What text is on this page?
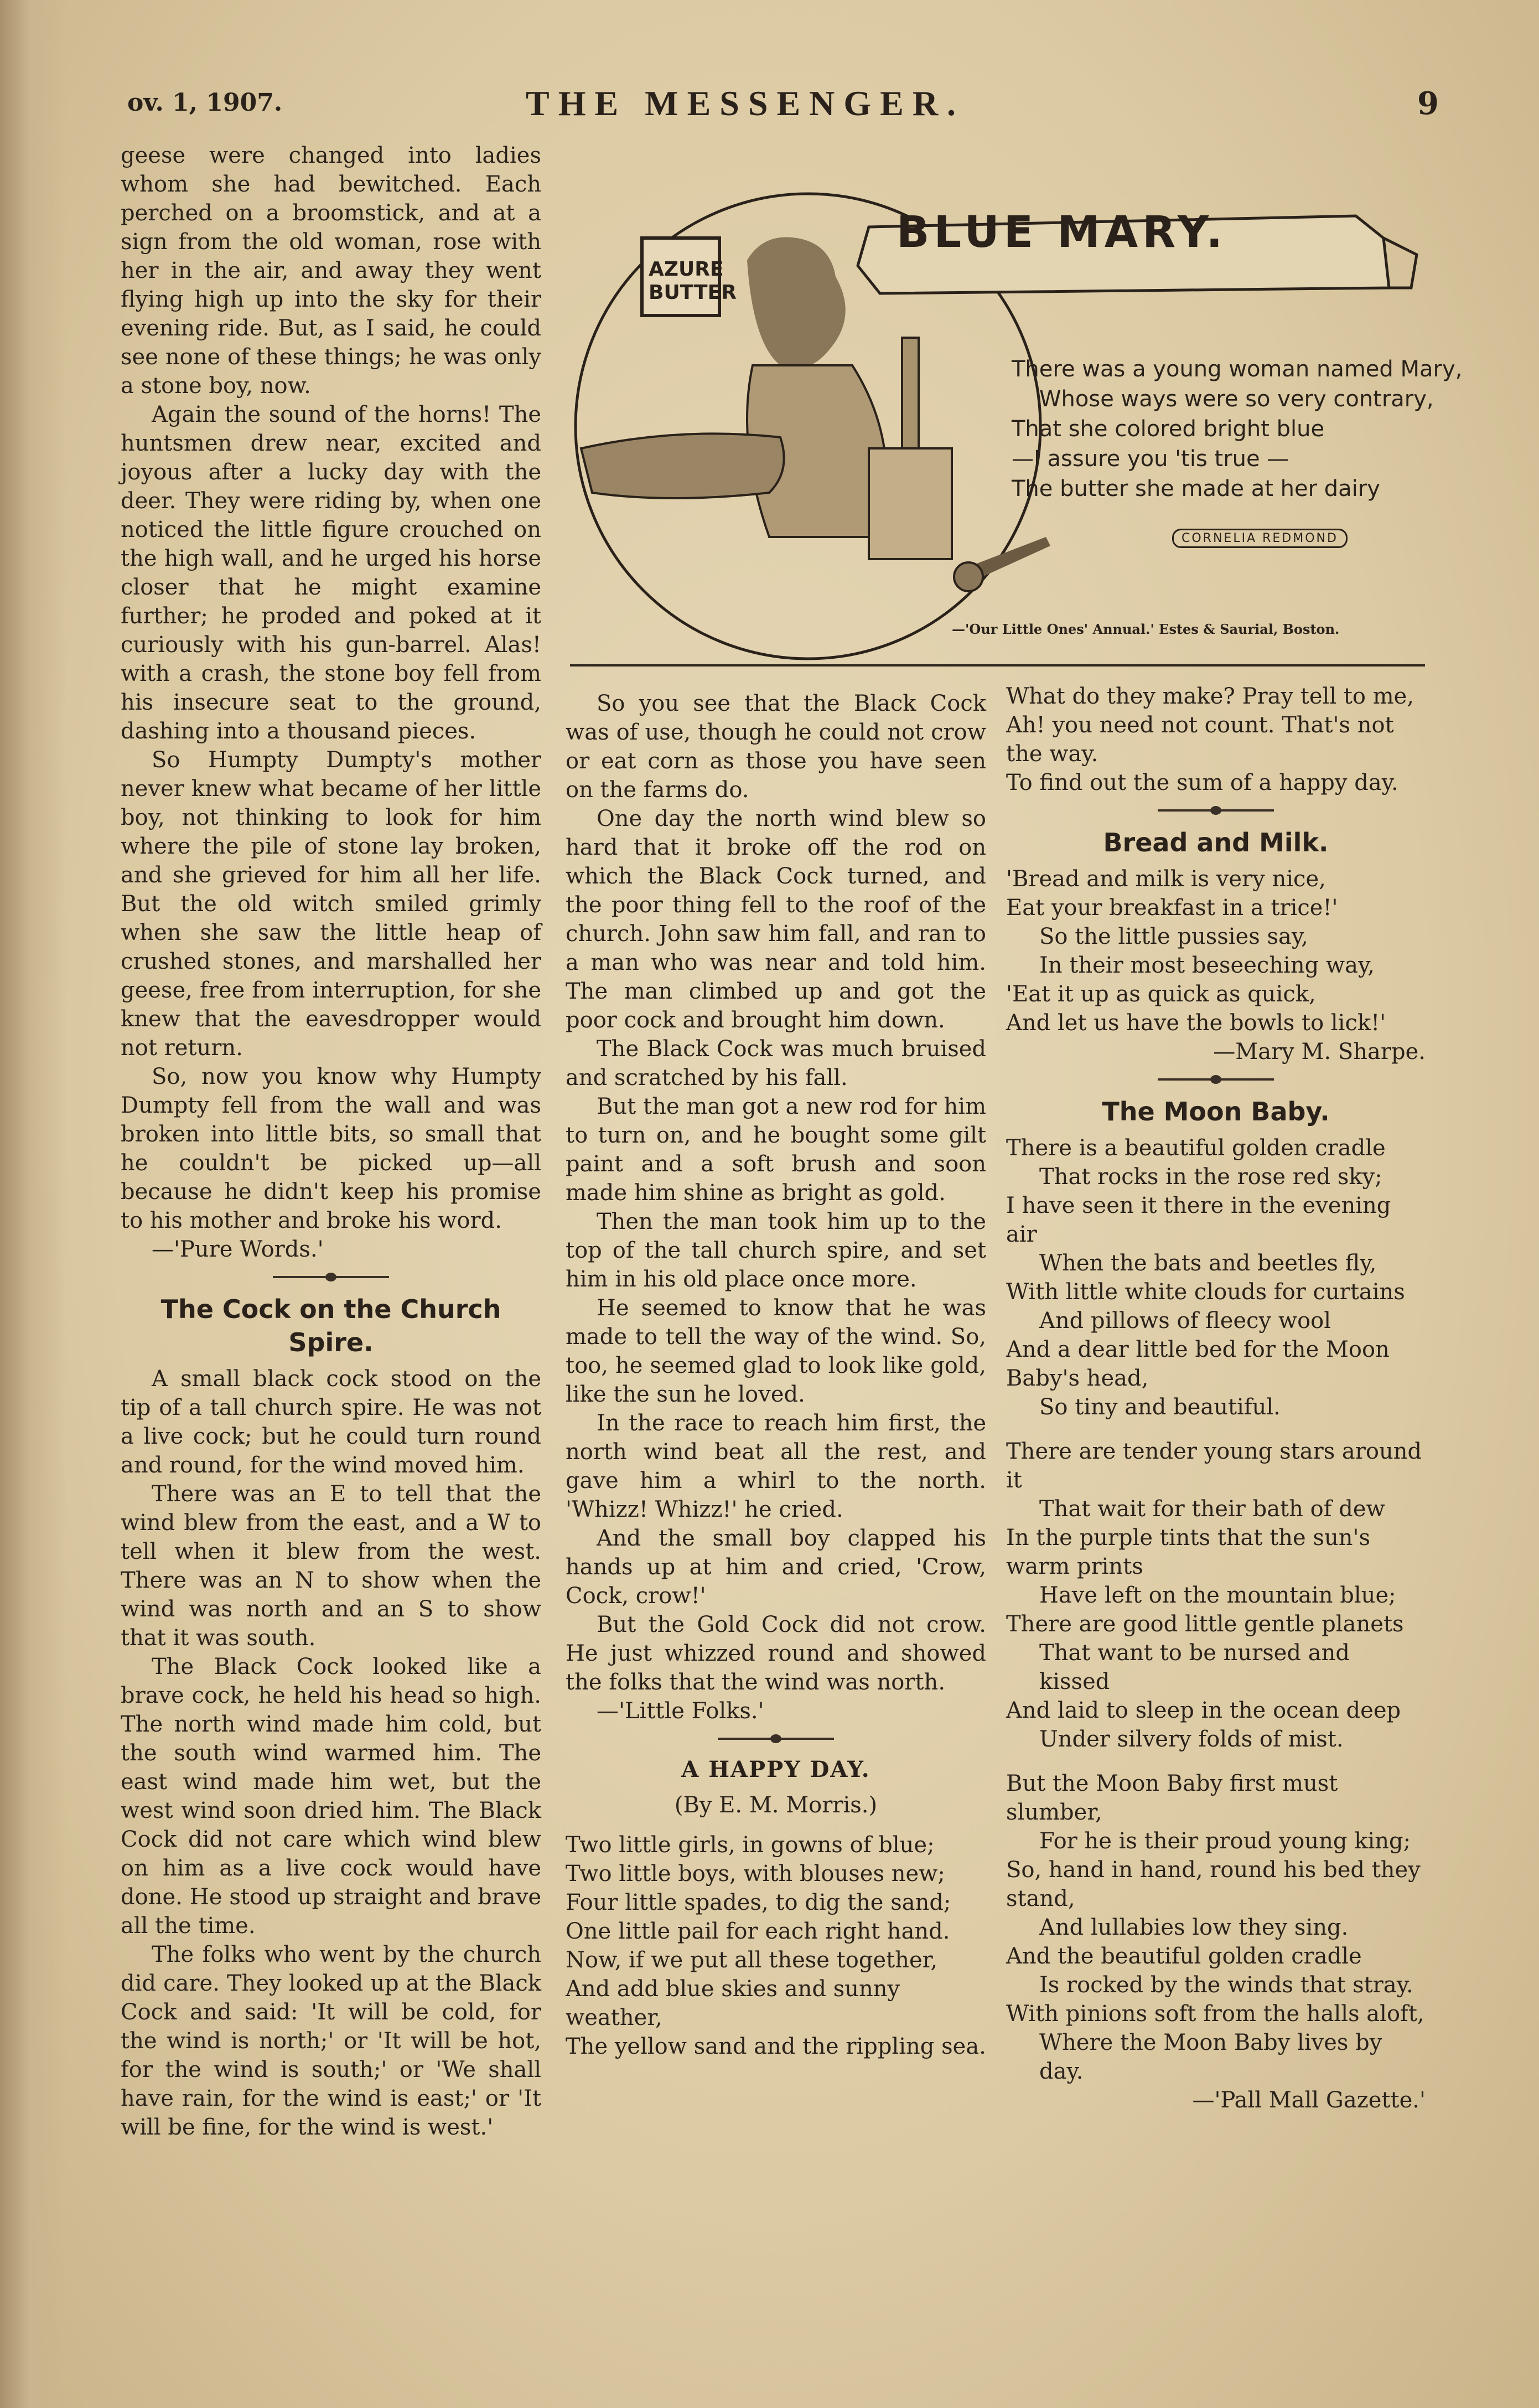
ov. 1, 1907.	THE MESSENGER.	9

geese were changed into ladies whom she had bewitched. Each perched on a broomstick, and at a sign from the old woman, rose with her in the air, and away they went flying high up into the sky for their evening ride. But, as I said, he could see none of these things; he was only a stone boy, now.

Again the sound of the horns! The huntsmen drew near, excited and joyous after a lucky day with the deer. They were riding by, when one noticed the little figure crouched on the high wall, and he urged his horse closer that he might examine further; he proded and poked at it curiously with his gun-barrel. Alas! with a crash, the stone boy fell from his insecure seat to the ground, dashing into a thousand pieces.

So Humpty Dumpty's mother never knew what became of her little boy, not thinking to look for him where the pile of stone lay broken, and she grieved for him all her life. But the old witch smiled grimly when she saw the little heap of crushed stones, and marshalled her geese, free from interruption, for she knew that the eavesdropper would not return.

So, now you know why Humpty Dumpty fell from the wall and was broken into little bits, so small that he couldn't be picked up—all because he didn't keep his promise to his mother and broke his word.

—'Pure Words.'

The Cock on the Church Spire.

A small black cock stood on the tip of a tall church spire. He was not a live cock; but he could turn round and round, for the wind moved him.

There was an E to tell that the wind blew from the east, and a W to tell when it blew from the west. There was an N to show when the wind was north and an S to show that it was south.

The Black Cock looked like a brave cock, he held his head so high. The north wind made him cold, but the south wind warmed him. The east wind made him wet, but the west wind soon dried him. The Black Cock did not care which wind blew on him as a live cock would have done. He stood up straight and brave all the time.

The folks who went by the church did care. They looked up at the Black Cock and said: 'It will be cold, for the wind is north;' or 'It will be hot, for the wind is south;' or 'We shall have rain, for the wind is east;' or 'It will be fine, for the wind is west.'

BLUE MARY.
AZURE
BUTTER
There was a young woman named Mary,
Whose ways were so very contrary,
That she colored bright blue
—I assure you 'tis true —
The butter she made at her dairy
CORNELIA REDMOND
—'Our Little Ones' Annual.' Estes & Saurial, Boston.

So you see that the Black Cock was of use, though he could not crow or eat corn as those you have seen on the farms do.

One day the north wind blew so hard that it broke off the rod on which the Black Cock turned, and the poor thing fell to the roof of the church. John saw him fall, and ran to a man who was near and told him. The man climbed up and got the poor cock and brought him down.

The Black Cock was much bruised and scratched by his fall.

But the man got a new rod for him to turn on, and he bought some gilt paint and a soft brush and soon made him shine as bright as gold.

Then the man took him up to the top of the tall church spire, and set him in his old place once more.

He seemed to know that he was made to tell the way of the wind. So, too, he seemed glad to look like gold, like the sun he loved.

In the race to reach him first, the north wind beat all the rest, and gave him a whirl to the north. 'Whizz! Whizz!' he cried.

And the small boy clapped his hands up at him and cried, 'Crow, Cock, crow!'

But the Gold Cock did not crow. He just whizzed round and showed the folks that the wind was north.

—'Little Folks.'

A HAPPY DAY.
(By E. M. Morris.)
Two little girls, in gowns of blue;
Two little boys, with blouses new;
Four little spades, to dig the sand;
One little pail for each right hand.
Now, if we put all these together,
And add blue skies and sunny weather,
The yellow sand and the rippling sea.
What do they make? Pray tell to me,
Ah! you need not count. That's not the way.
To find out the sum of a happy day.
Bread and Milk.
'Bread and milk is very nice,
Eat your breakfast in a trice!'
So the little pussies say,
In their most beseeching way,
'Eat it up as quick as quick,
And let us have the bowls to lick!'
—Mary M. Sharpe.
The Moon Baby.
There is a beautiful golden cradle
That rocks in the rose red sky;
I have seen it there in the evening air
When the bats and beetles fly,
With little white clouds for curtains
And pillows of fleecy wool
And a dear little bed for the Moon Baby's head,
So tiny and beautiful.
There are tender young stars around it
That wait for their bath of dew
In the purple tints that the sun's warm prints
Have left on the mountain blue;
There are good little gentle planets
That want to be nursed and kissed
And laid to sleep in the ocean deep
Under silvery folds of mist.
But the Moon Baby first must slumber,
For he is their proud young king;
So, hand in hand, round his bed they stand,
And lullabies low they sing.
And the beautiful golden cradle
Is rocked by the winds that stray.
With pinions soft from the halls aloft,
Where the Moon Baby lives by day.
—'Pall Mall Gazette.'
